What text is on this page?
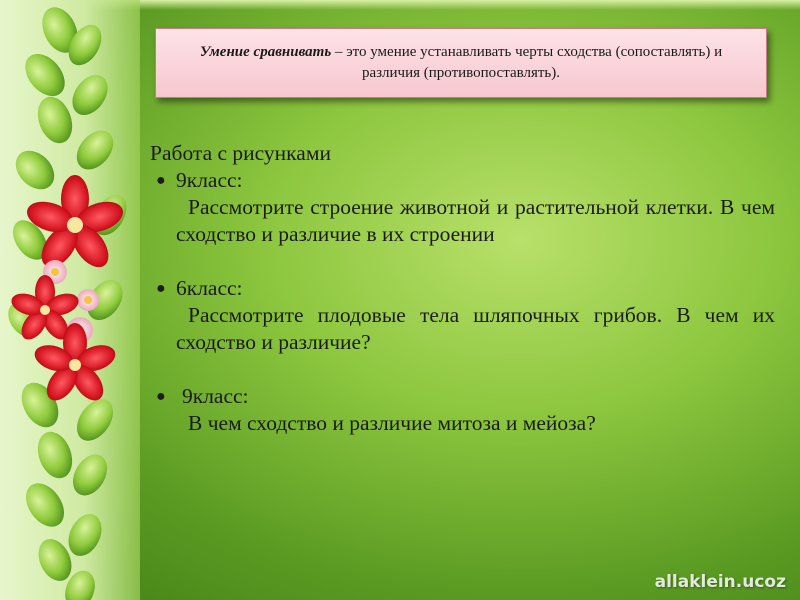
Умение сравнивать – это умение устанавливать черты сходства (сопоставлять) и различия (противопоставлять).
Работа с рисунками
● 9класс:
Рассмотрите строение животной и растительной клетки. В чем сходство и различие в их строении
● 6класс:
Рассмотрите плодовые тела шляпочных грибов. В чем их сходство и различие?
● 9класс:
В чем сходство и различие митоза и мейоза?
allaklein.ucoz
